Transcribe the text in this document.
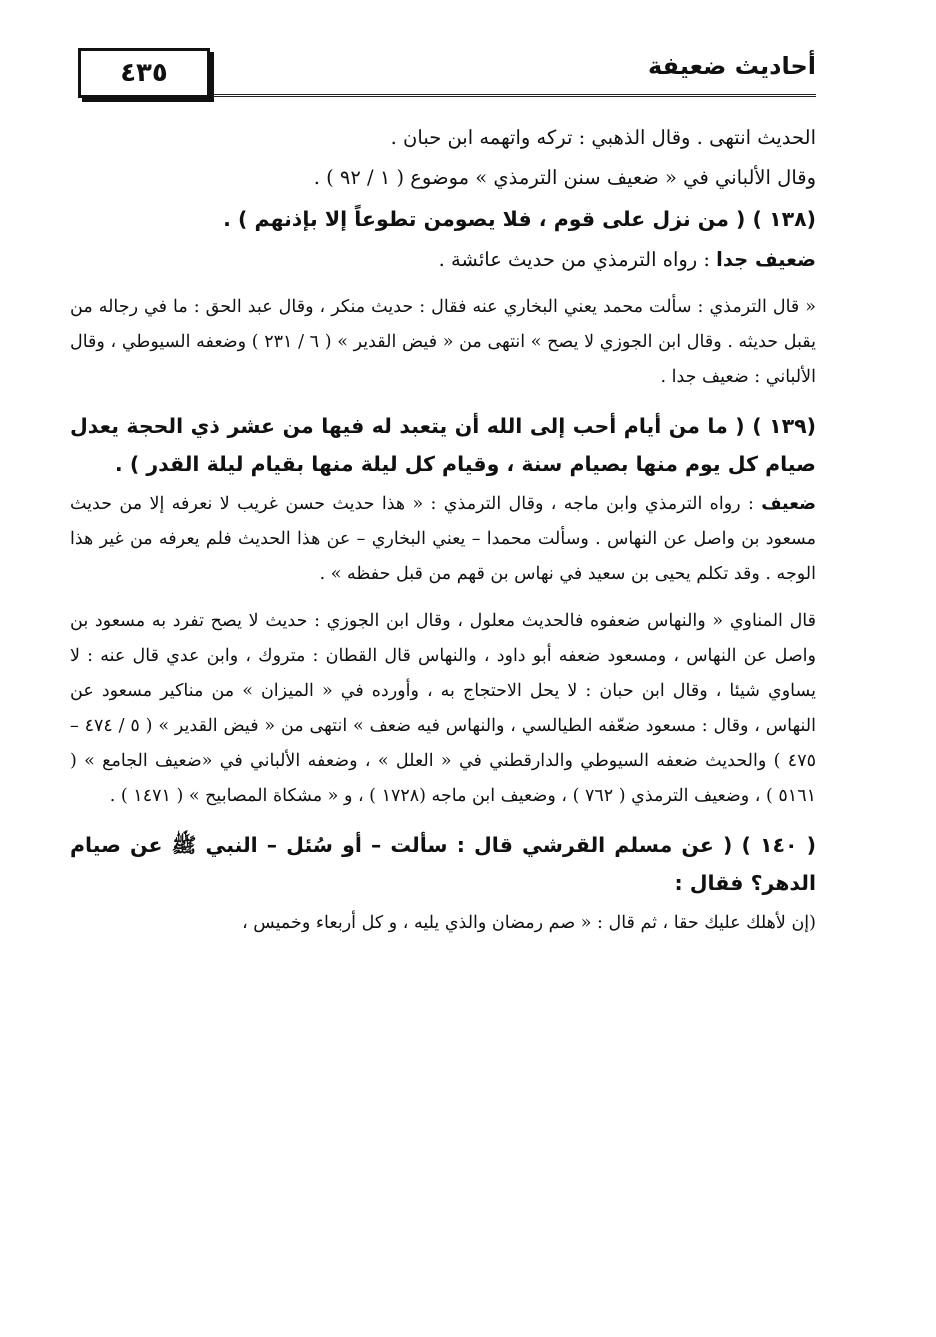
٤٣٥	أحاديث ضعيفة

الحديث انتهى . وقال الذهبي : تركه واتهمه ابن حبان .

وقال الألباني في « ضعيف سنن الترمذي » موضوع ( ١ / ٩٢ ) .

(١٣٨ ) ( من نزل على قوم ، فلا يصومن تطوعاً إلا بإذنهم ) .

ضعيف جدا : رواه الترمذي من حديث عائشة .

« قال الترمذي : سألت محمد يعني البخاري عنه فقال : حديث منكر ، وقال عبد الحق : ما في رجاله من يقبل حديثه . وقال ابن الجوزي لا يصح » انتهى من « فيض القدير » ( ٦ / ٢٣١ ) وضعفه السيوطي ، وقال الألباني : ضعيف جدا .

(١٣٩ ) ( ما من أيام أحب إلى الله أن يتعبد له فيها من عشر ذي الحجة يعدل صيام كل يوم منها بصيام سنة ، وقيام كل ليلة منها بقيام ليلة القدر ) .

ضعيف : رواه الترمذي وابن ماجه ، وقال الترمذي : « هذا حديث حسن غريب لا نعرفه إلا من حديث مسعود بن واصل عن النهاس . وسألت محمدا – يعني البخاري – عن هذا الحديث فلم يعرفه من غير هذا الوجه . وقد تكلم يحيى بن سعيد في نهاس بن قهم من قبل حفظه » .

قال المناوي « والنهاس ضعفوه فالحديث معلول ، وقال ابن الجوزي : حديث لا يصح تفرد به مسعود بن واصل عن النهاس ، ومسعود ضعفه أبو داود ، والنهاس قال القطان : متروك ، وابن عدي قال عنه : لا يساوي شيئا ، وقال ابن حبان : لا يحل الاحتجاج به ، وأورده في « الميزان » من مناكير مسعود عن النهاس ، وقال : مسعود ضعّفه الطيالسي ، والنهاس فيه ضعف » انتهى من « فيض القدير » ( ٥ / ٤٧٤ – ٤٧٥ ) والحديث ضعفه السيوطي والدارقطني في « العلل » ، وضعفه الألباني في «ضعيف الجامع » ( ٥١٦١ ) ، وضعيف الترمذي ( ٧٦٢ ) ، وضعيف ابن ماجه (١٧٢٨ ) ، و « مشكاة المصابيح » ( ١٤٧١ ) .

( ١٤٠ ) ( عن مسلم القرشي قال : سألت – أو سُئل – النبي ﷺ عن صيام الدهر؟ فقال :

(إن لأهلك عليك حقا ، ثم قال : « صم رمضان والذي يليه ، و كل أربعاء وخميس ،
